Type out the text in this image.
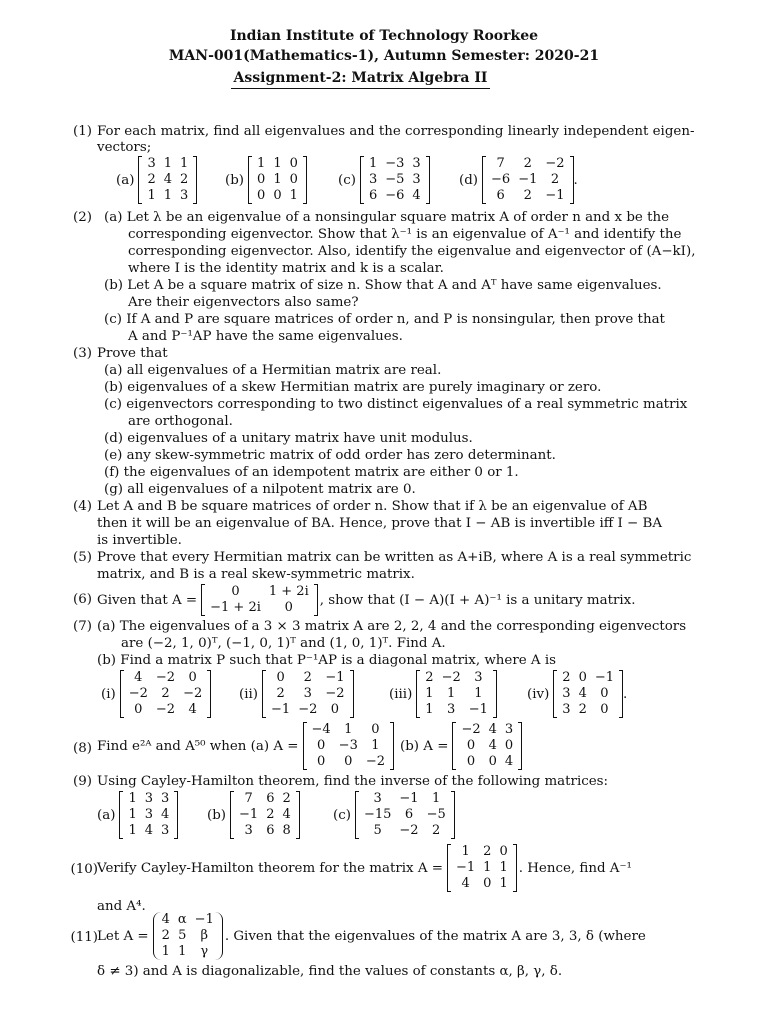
Indian Institute of Technology Roorkee
MAN-001(Mathematics-1), Autumn Semester: 2020-21
Assignment-2: Matrix Algebra II
(1) For each matrix, find all eigenvalues and the corresponding linearly independent eigen-
vectors;
(a)
3	1	1
2	4	2
1	1	3
(b)
1	1	0
0	1	0
0	0	1
(c)
1	−3	3
3	−5	3
6	−6	4
(d)
7	2	−2
−6	−1	2
6	2	−1
.
(2) (a) Let λ be an eigenvalue of a nonsingular square matrix A of order n and x be the
corresponding eigenvector. Show that λ⁻¹ is an eigenvalue of A⁻¹ and identify the
corresponding eigenvector. Also, identify the eigenvalue and eigenvector of (A−kI),
where I is the identity matrix and k is a scalar.
(b) Let A be a square matrix of size n. Show that A and Aᵀ have same eigenvalues.
Are their eigenvectors also same?
(c) If A and P are square matrices of order n, and P is nonsingular, then prove that
A and P⁻¹AP have the same eigenvalues.
(3) Prove that
(a) all eigenvalues of a Hermitian matrix are real.
(b) eigenvalues of a skew Hermitian matrix are purely imaginary or zero.
(c) eigenvectors corresponding to two distinct eigenvalues of a real symmetric matrix
are orthogonal.
(d) eigenvalues of a unitary matrix have unit modulus.
(e) any skew-symmetric matrix of odd order has zero determinant.
(f) the eigenvalues of an idempotent matrix are either 0 or 1.
(g) all eigenvalues of a nilpotent matrix are 0.
(4) Let A and B be square matrices of order n. Show that if λ be an eigenvalue of AB
then it will be an eigenvalue of BA. Hence, prove that I − AB is invertible iff I − BA
is invertible.
(5) Prove that every Hermitian matrix can be written as A+iB, where A is a real symmetric
matrix, and B is a real skew-symmetric matrix.
(6) Given that A =
0	1 + 2i
−1 + 2i	0 , show that (I − A)(I + A)⁻¹ is a unitary matrix.
(7) (a) The eigenvalues of a 3 × 3 matrix A are 2, 2, 4 and the corresponding eigenvectors
are (−2, 1, 0)ᵀ, (−1, 0, 1)ᵀ and (1, 0, 1)ᵀ. Find A.
(b) Find a matrix P such that P⁻¹AP is a diagonal matrix, where A is
(i)
4	−2	0
−2	2	−2
0	−2	4
(ii)
0	2	−1
2	3	−2
−1	−2	0
(iii)
2	−2	3
1	1	1
1	3	−1
(iv)
2	0	−1
3	4	0
3	2	0
.
(8) Find e²ᴬ and A⁵⁰ when (a) A =
−4	1	0
0	−3	1
0	0	−2
(b) A =
−2	4	3
0	4	0
0	0	4
(9) Using Cayley-Hamilton theorem, find the inverse of the following matrices:
(a)
1	3	3
1	3	4
1	4	3
(b)
7	6	2
−1	2	4
3	6	8
(c)
3	−1	1
−15	6	−5
5	−2	2
(10) Verify Cayley-Hamilton theorem for the matrix A =
1	2	0
−1	1	1
4	0	1
. Hence, find A⁻¹
and A⁴.
(11) Let A =
4	α	−1
2	5	β
1	1	γ
. Given that the eigenvalues of the matrix A are 3, 3, δ (where
δ ≠ 3) and A is diagonalizable, find the values of constants α, β, γ, δ.
